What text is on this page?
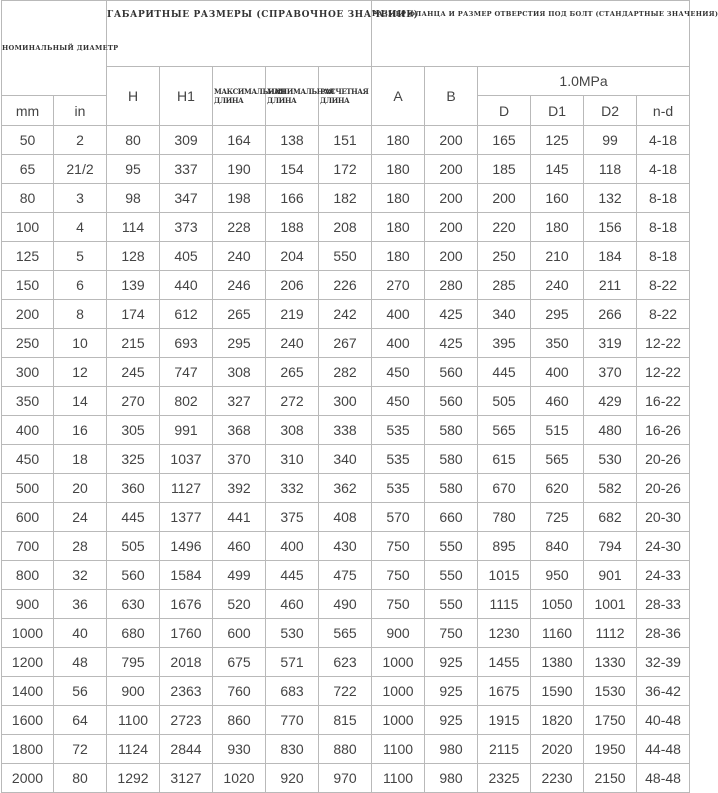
НОМИНАЛЬНЫЙ ДИАМЕТР		ГАБАРИТНЫЕ РАЗМЕРЫ (СПРАВОЧНОЕ ЗНАЧЕНИЕ)					РАЗМЕР ФЛАНЦА И РАЗМЕР ОТВЕРСТИЯ ПОД БОЛТ (СТАНДАРТНЫЕ ЗНАЧЕНИЯ)					
		H	H1	МАКСИМАЛЬНАЯ ДЛИНА	МИНИМАЛЬНАЯ ДЛИНА	РАСЧЕТНАЯ ДЛИНА	A	B	1.0MPa			
mm	in								D	D1	D2	n-d
50	2	80	309	164	138	151	180	200	165	125	99	4-18
65	21/2	95	337	190	154	172	180	200	185	145	118	4-18
80	3	98	347	198	166	182	180	200	200	160	132	8-18
100	4	114	373	228	188	208	180	200	220	180	156	8-18
125	5	128	405	240	204	550	180	200	250	210	184	8-18
150	6	139	440	246	206	226	270	280	285	240	211	8-22
200	8	174	612	265	219	242	400	425	340	295	266	8-22
250	10	215	693	295	240	267	400	425	395	350	319	12-22
300	12	245	747	308	265	282	450	560	445	400	370	12-22
350	14	270	802	327	272	300	450	560	505	460	429	16-22
400	16	305	991	368	308	338	535	580	565	515	480	16-26
450	18	325	1037	370	310	340	535	580	615	565	530	20-26
500	20	360	1127	392	332	362	535	580	670	620	582	20-26
600	24	445	1377	441	375	408	570	660	780	725	682	20-30
700	28	505	1496	460	400	430	750	550	895	840	794	24-30
800	32	560	1584	499	445	475	750	550	1015	950	901	24-33
900	36	630	1676	520	460	490	750	550	1115	1050	1001	28-33
1000	40	680	1760	600	530	565	900	750	1230	1160	1112	28-36
1200	48	795	2018	675	571	623	1000	925	1455	1380	1330	32-39
1400	56	900	2363	760	683	722	1000	925	1675	1590	1530	36-42
1600	64	1100	2723	860	770	815	1000	925	1915	1820	1750	40-48
1800	72	1124	2844	930	830	880	1100	980	2115	2020	1950	44-48
2000	80	1292	3127	1020	920	970	1100	980	2325	2230	2150	48-48
